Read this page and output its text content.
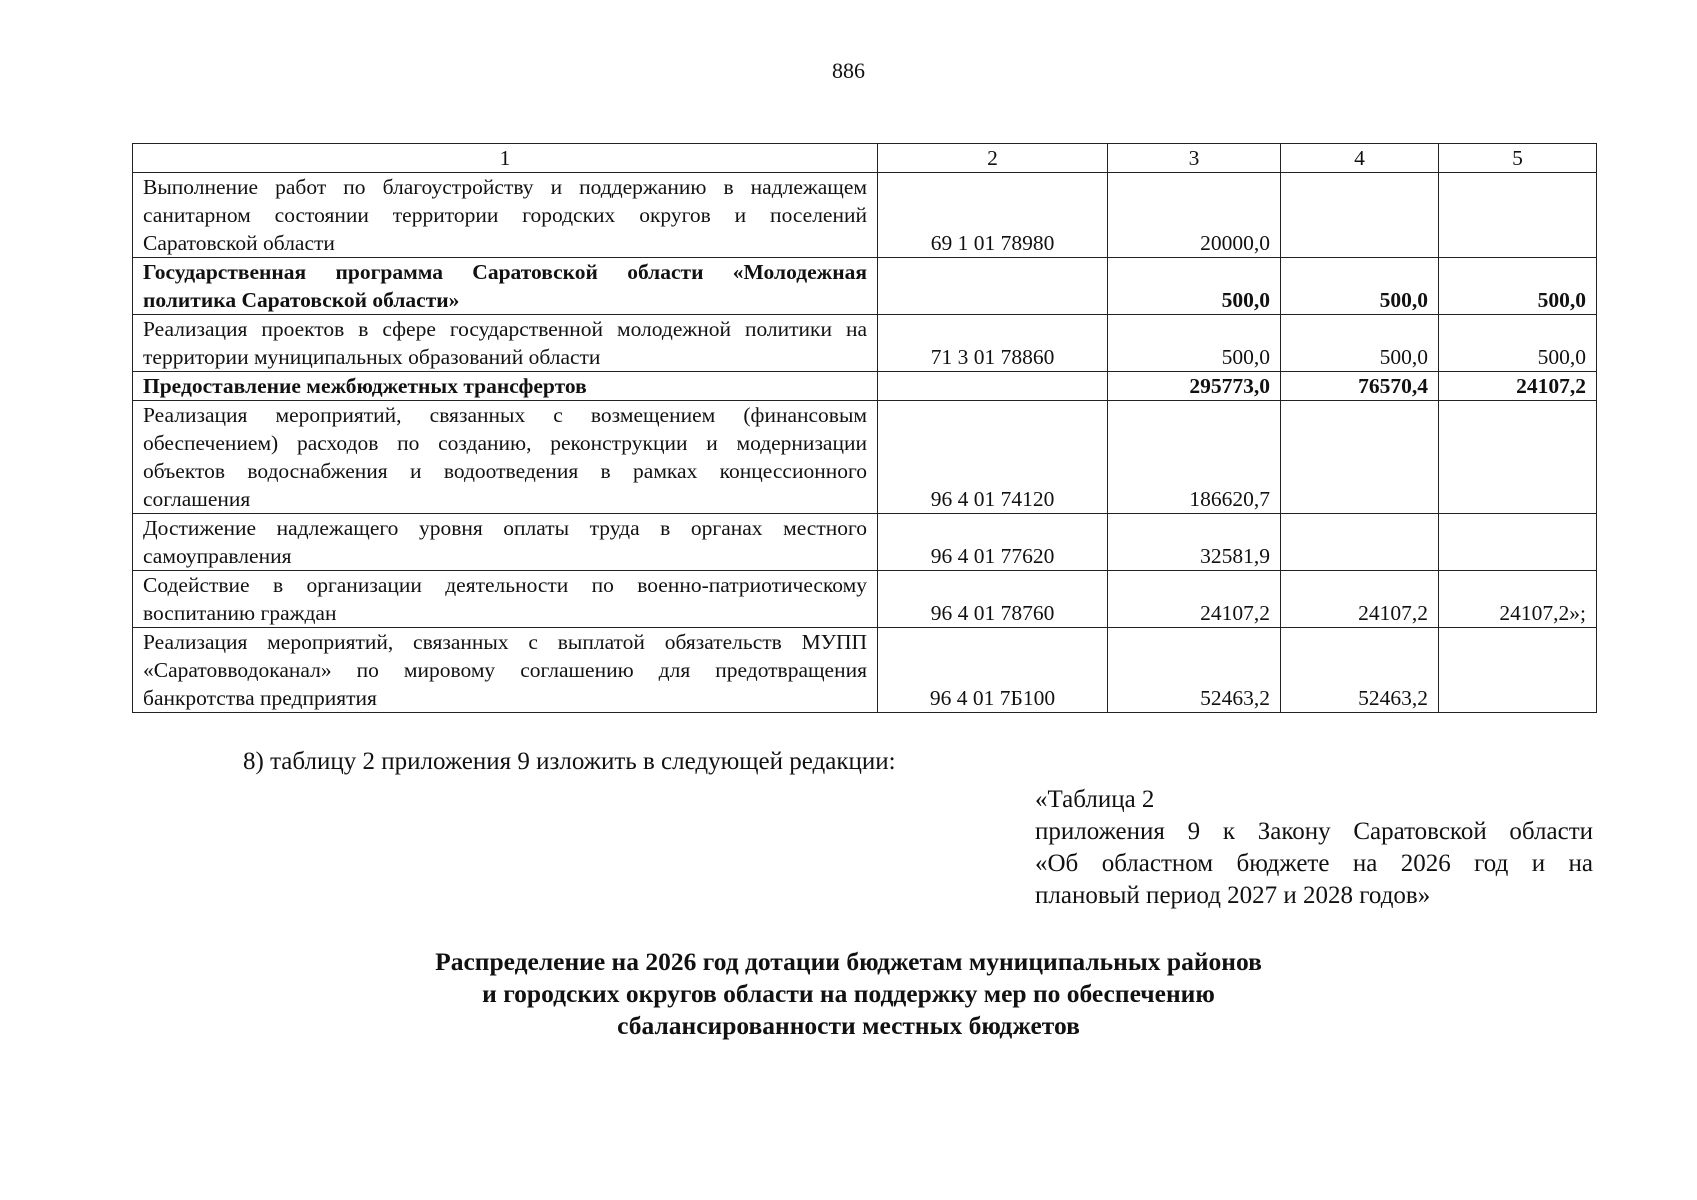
886
1	2	3	4	5
Выполнение работ по благоустройству и поддержанию в надлежащем санитарном состоянии территории городских округов и поселений Саратовской области	69 1 01 78980	20000,0		
Государственная программа Саратовской области «Молодежная политика Саратовской области»		500,0	500,0	500,0
Реализация проектов в сфере государственной молодежной политики на территории муниципальных образований области	71 3 01 78860	500,0	500,0	500,0
Предоставление межбюджетных трансфертов		295773,0	76570,4	24107,2
Реализация мероприятий, связанных с возмещением (финансовым обеспечением) расходов по созданию, реконструкции и модернизации объектов водоснабжения и водоотведения в рамках концессионного соглашения	96 4 01 74120	186620,7		
Достижение надлежащего уровня оплаты труда в органах местного самоуправления	96 4 01 77620	32581,9		
Содействие в организации деятельности по военно-патриотическому воспитанию граждан	96 4 01 78760	24107,2	24107,2	24107,2»;
Реализация мероприятий, связанных с выплатой обязательств МУПП «Саратовводоканал» по мировому соглашению для предотвращения банкротства предприятия	96 4 01 7Б100	52463,2	52463,2	
8) таблицу 2 приложения 9 изложить в следующей редакции:
«Таблица 2
приложения 9 к Закону Саратовской области
«Об областном бюджете на 2026 год и на
плановый период 2027 и 2028 годов»
Распределение на 2026 год дотации бюджетам муниципальных районов
и городских округов области на поддержку мер по обеспечению
сбалансированности местных бюджетов
